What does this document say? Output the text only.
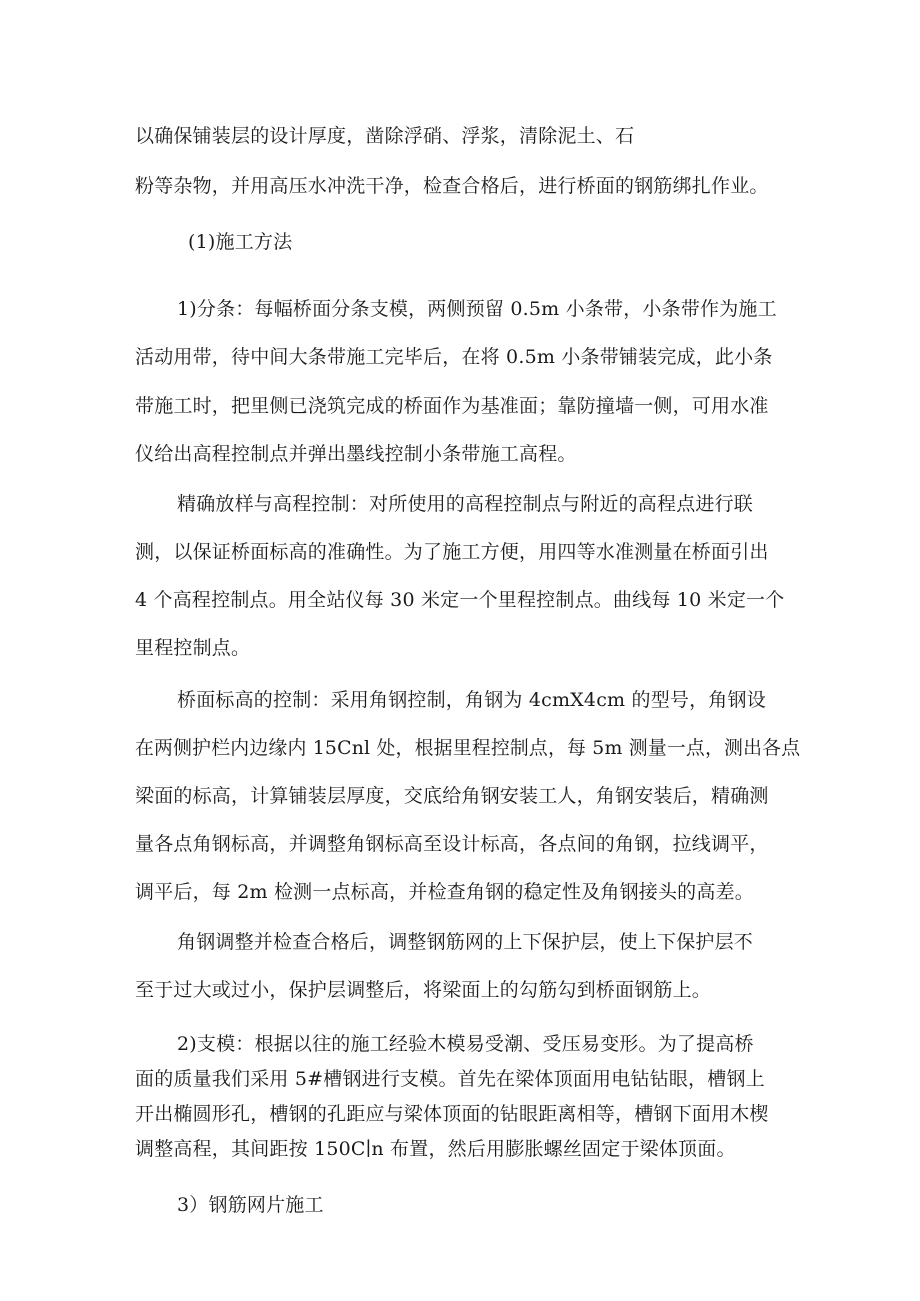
以确保铺装层的设计厚度，凿除浮硝、浮浆，清除泥土、石
粉等杂物，并用高压水冲洗干净，检查合格后，进行桥面的钢筋绑扎作业。
(1)施工方法
1)分条：每幅桥面分条支模，两侧预留 0.5m 小条带，小条带作为施工
活动用带，待中间大条带施工完毕后，在将 0.5m 小条带铺装完成，此小条
带施工时，把里侧已浇筑完成的桥面作为基准面；靠防撞墙一侧，可用水准
仪给出高程控制点并弹出墨线控制小条带施工高程。
精确放样与高程控制：对所使用的高程控制点与附近的高程点进行联
测，以保证桥面标高的准确性。为了施工方便，用四等水准测量在桥面引出
4 个高程控制点。用全站仪每 30 米定一个里程控制点。曲线每 10 米定一个
里程控制点。
桥面标高的控制：采用角钢控制，角钢为 4cmX4cm 的型号，角钢设
在两侧护栏内边缘内 15Cnl 处，根据里程控制点，每 5m 测量一点，测出各点
梁面的标高，计算铺装层厚度，交底给角钢安装工人，角钢安装后，精确测
量各点角钢标高，并调整角钢标高至设计标高，各点间的角钢，拉线调平，
调平后，每 2m 检测一点标高，并检查角钢的稳定性及角钢接头的高差。
角钢调整并检查合格后，调整钢筋网的上下保护层，使上下保护层不
至于过大或过小，保护层调整后，将梁面上的勾筋勾到桥面钢筋上。
2)支模：根据以往的施工经验木模易受潮、受压易变形。为了提高桥
面的质量我们采用 5#槽钢进行支模。首先在梁体顶面用电钻钻眼，槽钢上
开出椭圆形孔，槽钢的孔距应与梁体顶面的钻眼距离相等，槽钢下面用木楔
调整高程，其间距按 150C∣n 布置，然后用膨胀螺丝固定于梁体顶面。
3）钢筋网片施工
